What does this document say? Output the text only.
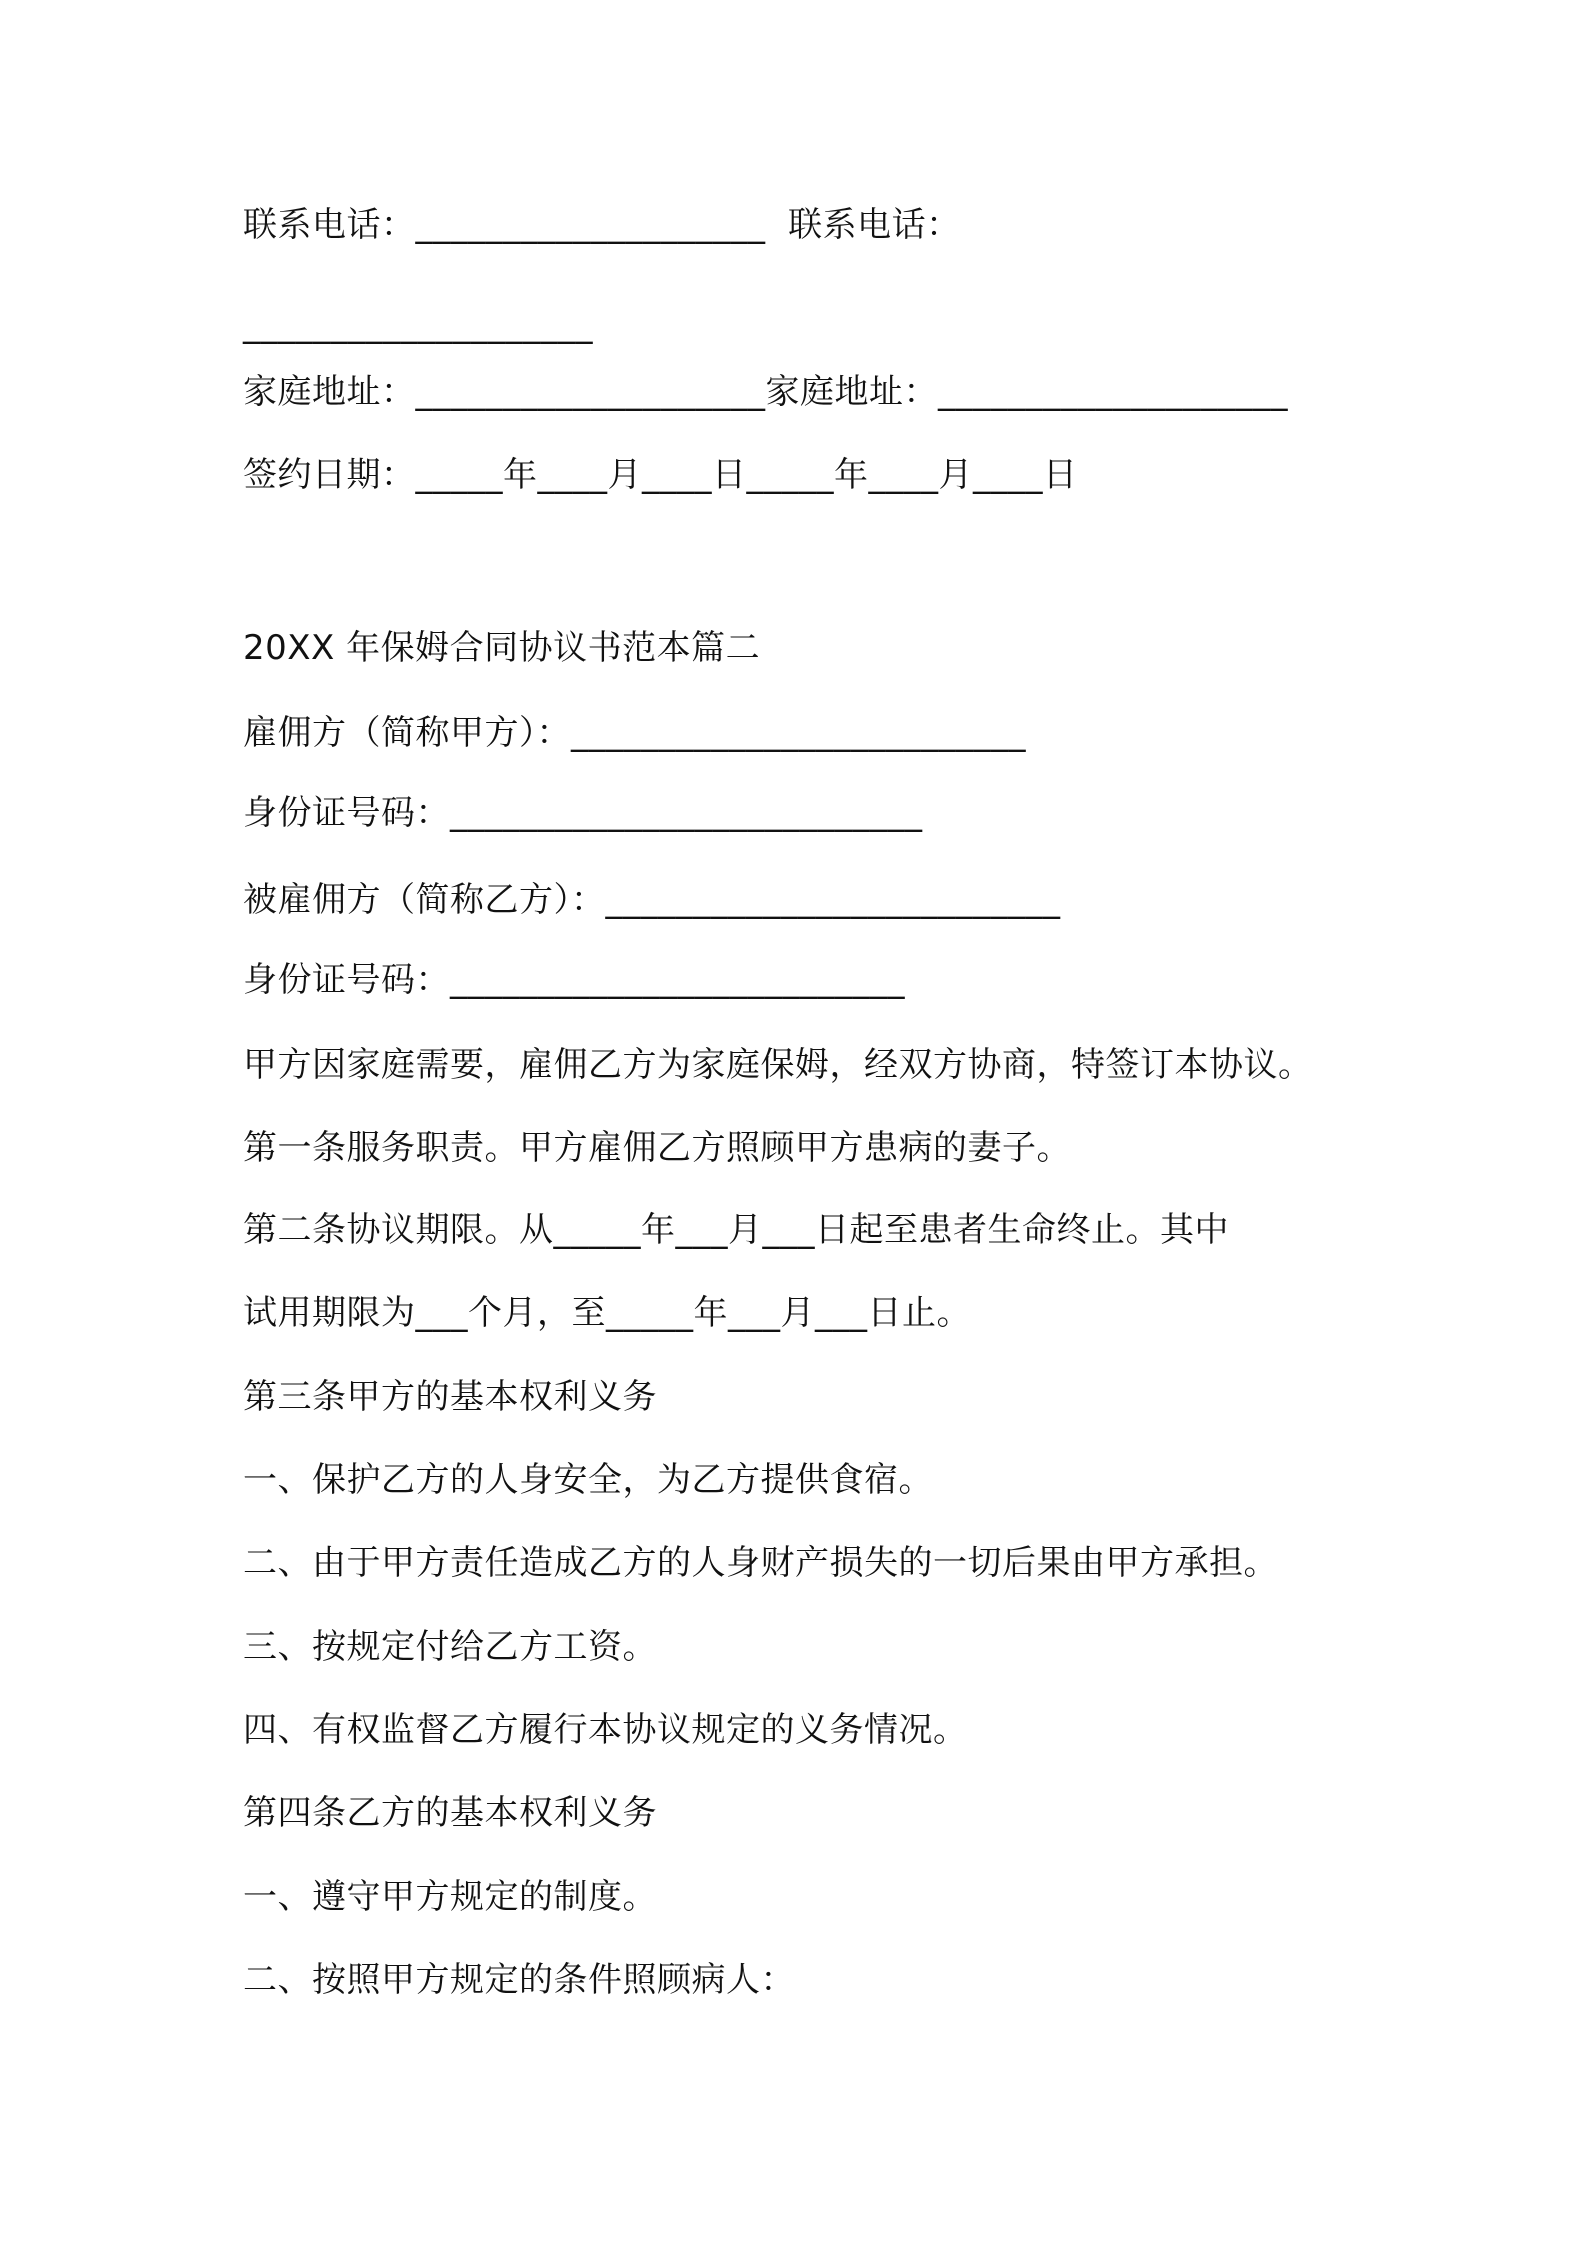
联系电话：____________________  联系电话：
____________________
家庭地址：____________________家庭地址：____________________
签约日期：_____年____月____日_____年____月____日
20XX 年保姆合同协议书范本篇二
雇佣方（简称甲方）：__________________________
身份证号码：___________________________
被雇佣方（简称乙方）：__________________________
身份证号码：__________________________
甲方因家庭需要，雇佣乙方为家庭保姆，经双方协商，特签订本协议。
第一条服务职责。甲方雇佣乙方照顾甲方患病的妻子。
第二条协议期限。从_____年___月___日起至患者生命终止。其中
试用期限为___个月，至_____年___月___日止。
第三条甲方的基本权利义务
一、保护乙方的人身安全，为乙方提供食宿。
二、由于甲方责任造成乙方的人身财产损失的一切后果由甲方承担。
三、按规定付给乙方工资。
四、有权监督乙方履行本协议规定的义务情况。
第四条乙方的基本权利义务
一、遵守甲方规定的制度。
二、按照甲方规定的条件照顾病人：
